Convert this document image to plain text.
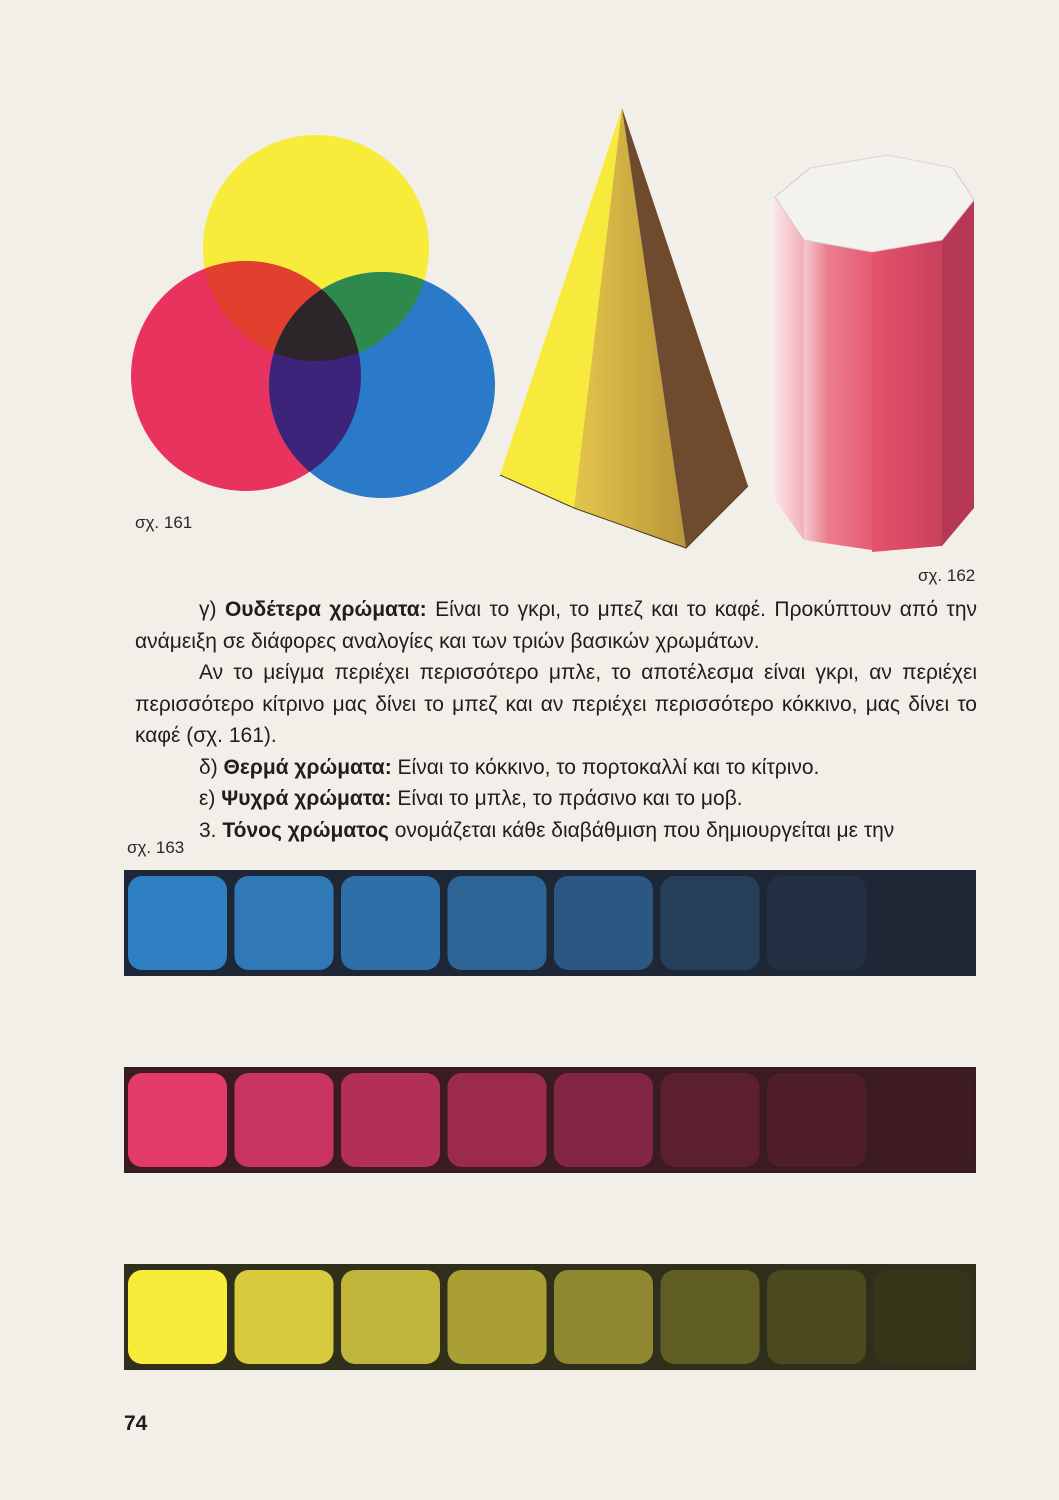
σχ. 161
σχ. 162

γ) Ουδέτερα χρώματα: Είναι το γκρι, το μπεζ και το καφέ. Προκύπτουν από την ανάμειξη σε διάφορες αναλογίες και των τριών βασικών χρωμάτων.

Αν το μείγμα περιέχει περισσότερο μπλε, το αποτέλεσμα είναι γκρι, αν περιέχει περισσότερο κίτρινο μας δίνει το μπεζ και αν περιέχει περισσότερο κόκκινο, μας δίνει το καφέ (σχ. 161).

δ) Θερμά χρώματα: Είναι το κόκκινο, το πορτοκαλλί και το κίτρινο.

ε) Ψυχρά χρώματα: Είναι το μπλε, το πράσινο και το μοβ.

3. Τόνος χρώματος ονομάζεται κάθε διαβάθμιση που δημιουργείται με την

σχ. 163
74
